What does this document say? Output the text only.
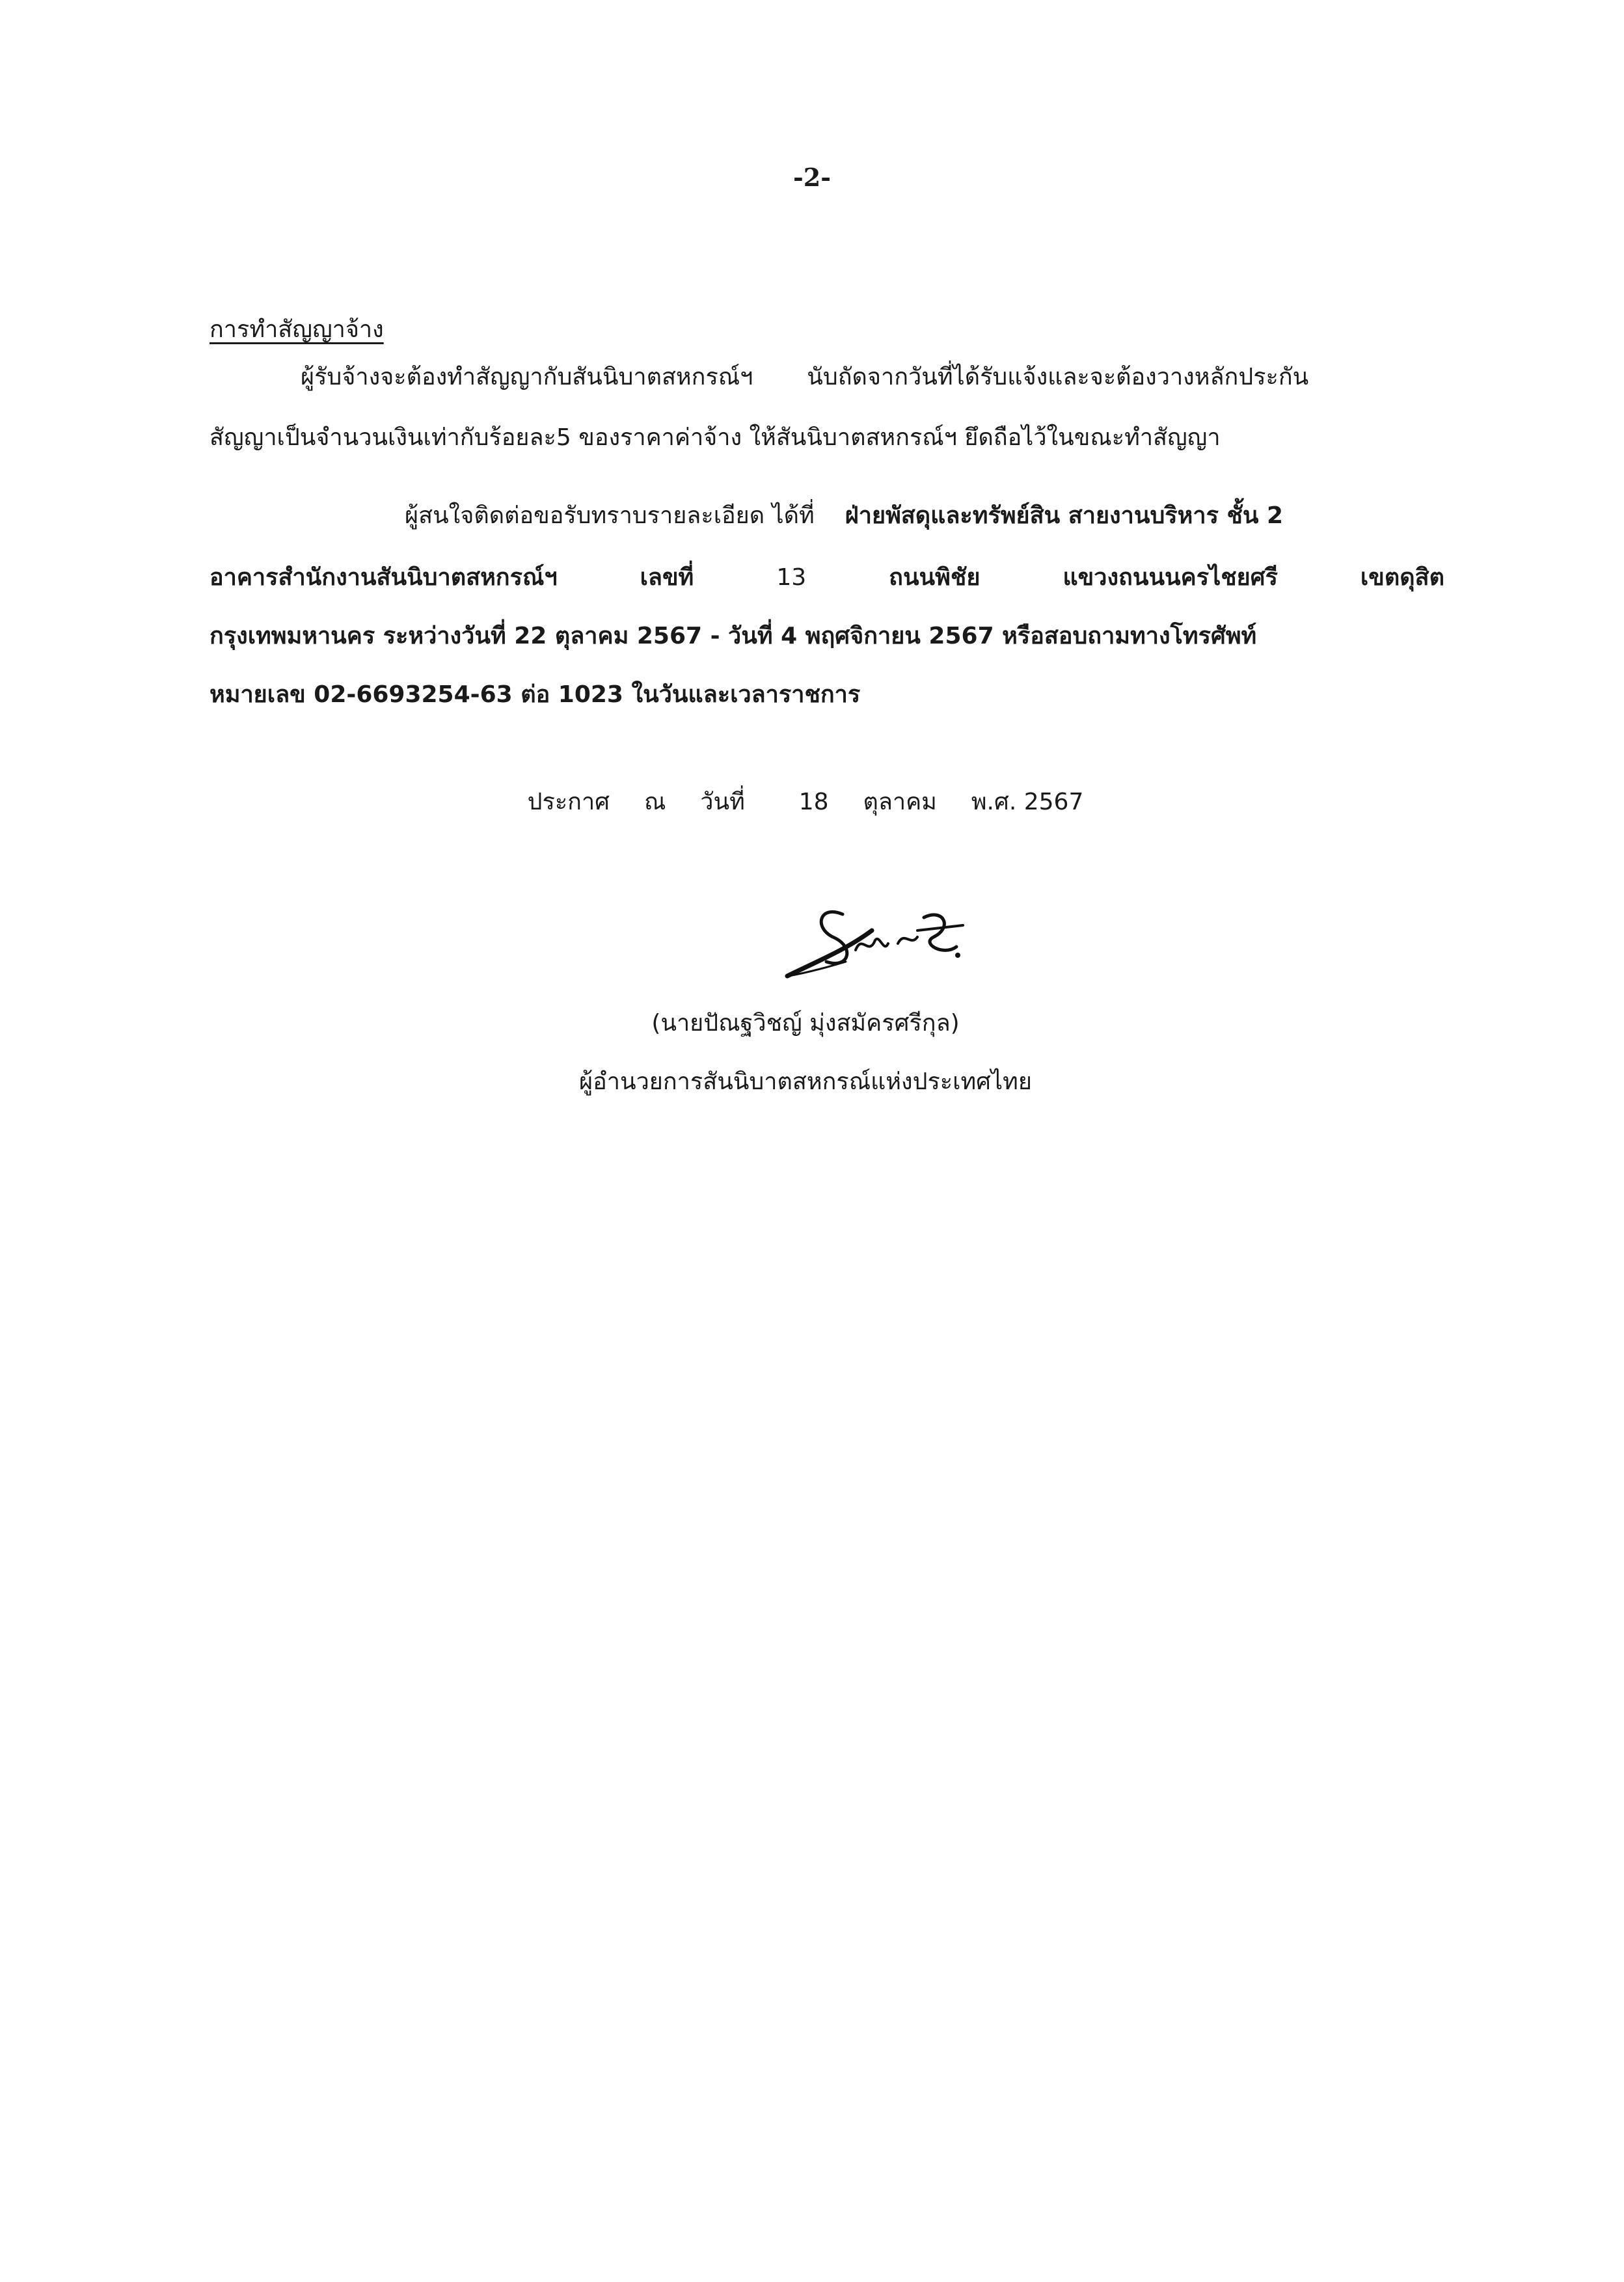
-2-
การทำสัญญาจ้าง
ผู้รับจ้างจะต้องทำสัญญากับสันนิบาตสหกรณ์ฯ นับถัดจากวันที่ได้รับแจ้งและจะต้องวางหลักประกัน
สัญญาเป็นจำนวนเงินเท่ากับร้อยละ5 ของราคาค่าจ้าง ให้สันนิบาตสหกรณ์ฯ ยึดถือไว้ในขณะทำสัญญา
ผู้สนใจติดต่อขอรับทราบรายละเอียด ได้ที่ ฝ่ายพัสดุและทรัพย์สิน สายงานบริหาร ชั้น 2
อาคารสำนักงานสันนิบาตสหกรณ์ฯ	เลขที่	13	ถนนพิชัย	แขวงถนนนครไชยศรี	เขตดุสิต
กรุงเทพมหานคร ระหว่างวันที่ 22 ตุลาคม 2567 - วันที่ 4 พฤศจิกายน 2567 หรือสอบถามทางโทรศัพท์
หมายเลข 02-6693254-63 ต่อ 1023 ในวันและเวลาราชการ
ประกาศ ณ วันที่ 18 ตุลาคม พ.ศ. 2567
(นายปัณฐวิชญ์ มุ่งสมัครศรีกุล)
ผู้อำนวยการสันนิบาตสหกรณ์แห่งประเทศไทย
